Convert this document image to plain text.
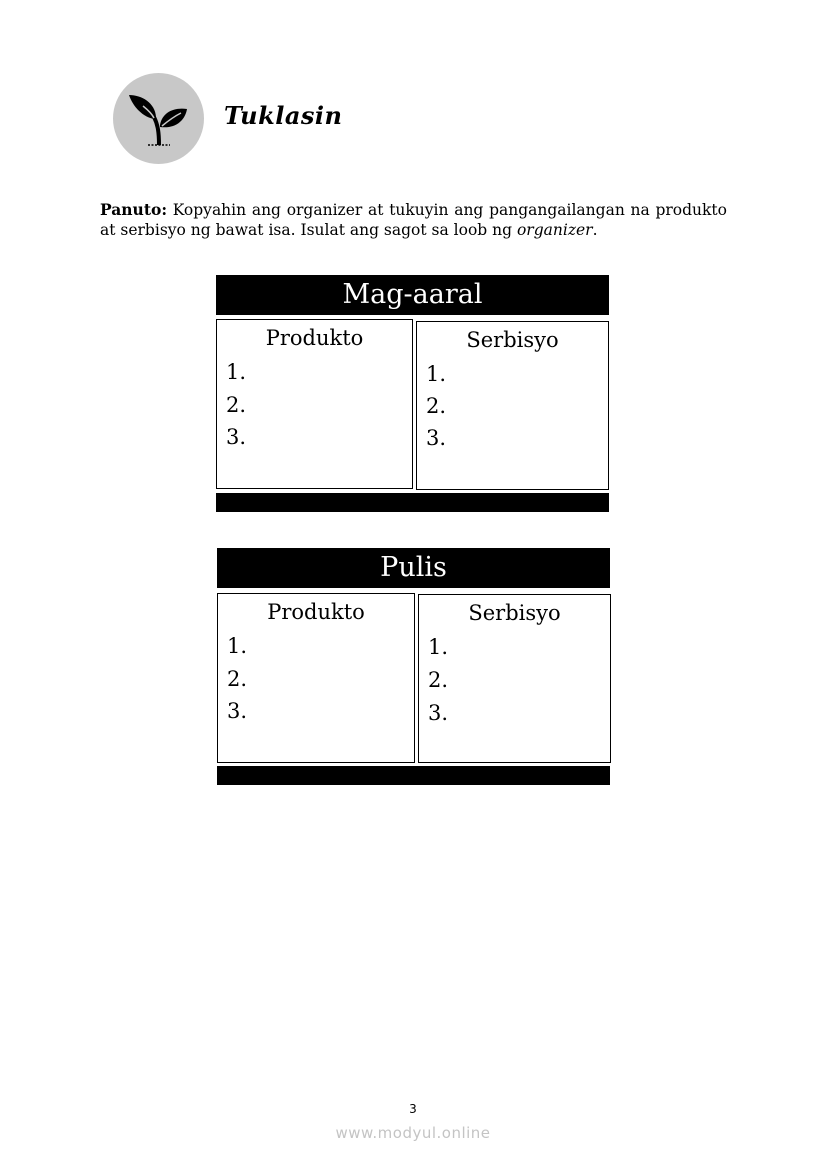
Tuklasin
Panuto: Kopyahin ang organizer at tukuyin ang pangangailangan na produkto at serbisyo ng bawat isa. Isulat ang sagot sa loob ng organizer.
Mag-aaral
Produkto
1.
2.
3.
Serbisyo
1.
2.
3.
Pulis
Produkto
1.
2.
3.
Serbisyo
1.
2.
3.
3
www.modyul.online
